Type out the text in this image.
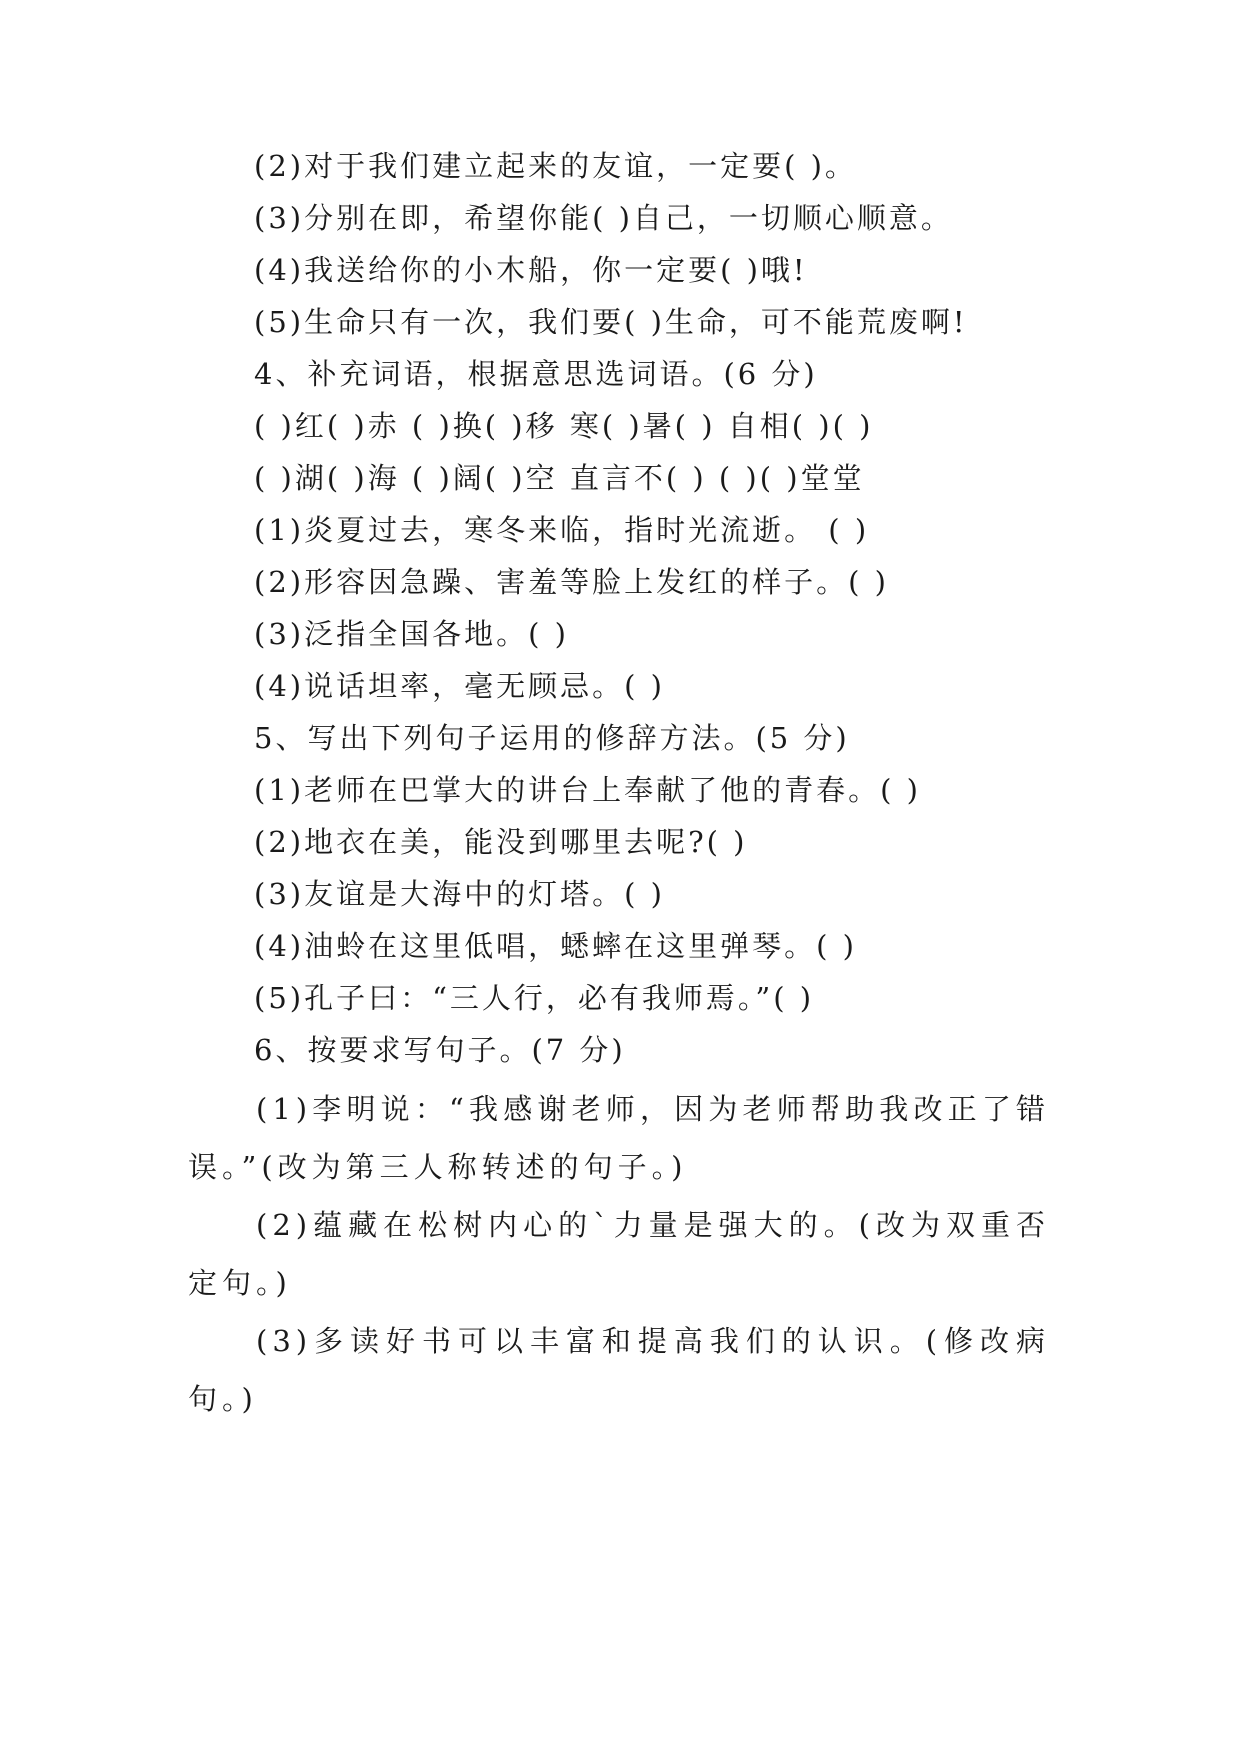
(2)对于我们建立起来的友谊，一定要( )。
(3)分别在即，希望你能( )自己，一切顺心顺意。
(4)我送给你的小木船，你一定要( )哦!
(5)生命只有一次，我们要( )生命，可不能荒废啊!
4、补充词语，根据意思选词语。(6 分)
( )红( )赤 ( )换( )移 寒( )暑( ) 自相( )( )
( )湖( )海 ( )阔( )空 直言不( ) ( )( )堂堂
(1)炎夏过去，寒冬来临，指时光流逝。 ( )
(2)形容因急躁、害羞等脸上发红的样子。( )
(3)泛指全国各地。( )
(4)说话坦率，毫无顾忌。( )
5、写出下列句子运用的修辞方法。(5 分)
(1)老师在巴掌大的讲台上奉献了他的青春。( )
(2)地衣在美，能没到哪里去呢?( )
(3)友谊是大海中的灯塔。( )
(4)油蛉在这里低唱，蟋蟀在这里弹琴。( )
(5)孔子曰：“三人行，必有我师焉。”( )
6、按要求写句子。(7 分)
(1)李明说：“我感谢老师，因为老师帮助我改正了错误。”(改为第三人称转述的句子。)
(2)蕴藏在松树内心的`力量是强大的。(改为双重否定句。)
(3)多读好书可以丰富和提高我们的认识。(修改病句。)
